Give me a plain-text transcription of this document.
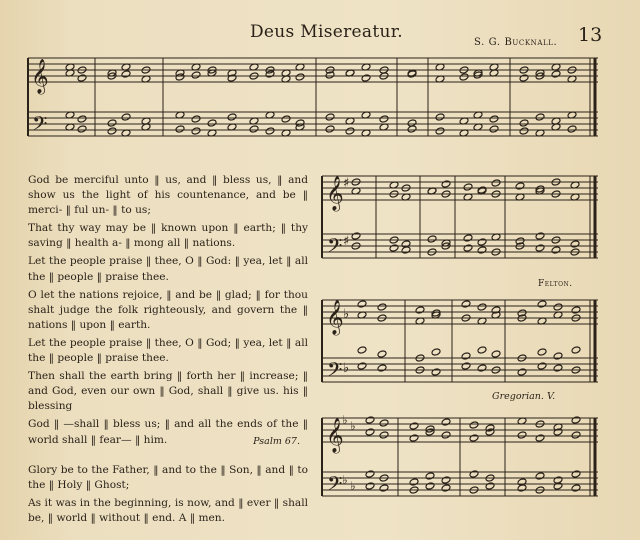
Deus Misereatur.
S. G. Bucknall. 13
𝄞
𝄢
𝄞
𝄢
♯
♯
𝄞
𝄢
♭
♭
𝄞
𝄢
♭ ♭
♭ ♭

God be merciful unto ‖ us, and ‖ bless us, ‖ and show us the light of his countenance, and be ‖ merci- ‖ ful un- ‖ to us;

That thy way may be ‖ known upon ‖ earth; ‖ thy saving ‖ health a- ‖ mong all ‖ nations.

Let the people praise ‖ thee, O ‖ God: ‖ yea, let ‖ all the ‖ people ‖ praise thee.

O let the nations rejoice, ‖ and be ‖ glad; ‖ for thou shalt judge the folk righteously, and govern the ‖ nations ‖ upon ‖ earth.

Let the people praise ‖ thee, O ‖ God; ‖ yea, let ‖ all the ‖ people ‖ praise thee.

Then shall the earth bring ‖ forth her ‖ increase; ‖ and God, even our own ‖ God, shall ‖ give us. his ‖ blessing

God ‖ —shall ‖ bless us; ‖ and all the ends of the ‖ world shall ‖ fear— ‖ him.	Psalm 67.

Glory be to the Father, ‖ and to the ‖ Son, ‖ and ‖ to the ‖ Holy ‖ Ghost;

As it was in the beginning, is now, and ‖ ever ‖ shall be, ‖ world ‖ without ‖ end. A ‖ men.

Felton.
Gregorian. V.
